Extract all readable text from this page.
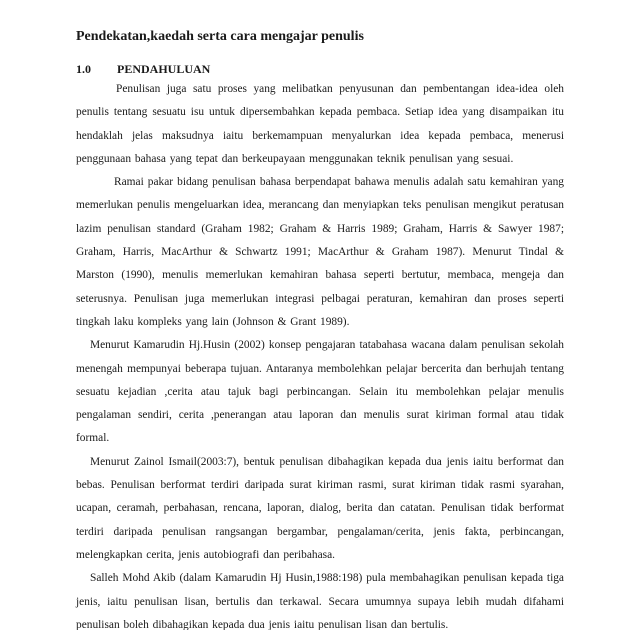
Pendekatan,kaedah serta cara mengajar penulis
1.0 PENDAHULUAN

Penulisan juga satu proses yang melibatkan penyusunan dan pembentangan idea-idea oleh penulis tentang sesuatu isu untuk dipersembahkan kepada pembaca. Setiap idea yang disampaikan itu hendaklah jelas maksudnya iaitu berkemampuan menyalurkan idea kepada pembaca, menerusi penggunaan bahasa yang tepat dan berkeupayaan menggunakan teknik penulisan yang sesuai.

Ramai pakar bidang penulisan bahasa berpendapat bahawa menulis adalah satu kemahiran yang memerlukan penulis mengeluarkan idea, merancang dan menyiapkan teks penulisan mengikut peratusan lazim penulisan standard (Graham 1982; Graham & Harris 1989; Graham, Harris & Sawyer 1987; Graham, Harris, MacArthur & Schwartz 1991; MacArthur & Graham 1987). Menurut Tindal & Marston (1990), menulis memerlukan kemahiran bahasa seperti bertutur, membaca, mengeja dan seterusnya. Penulisan juga memerlukan integrasi pelbagai peraturan, kemahiran dan proses seperti tingkah laku kompleks yang lain (Johnson & Grant 1989).

Menurut Kamarudin Hj.Husin (2002) konsep pengajaran tatabahasa wacana dalam penulisan sekolah menengah mempunyai beberapa tujuan. Antaranya membolehkan pelajar bercerita dan berhujah tentang sesuatu kejadian ,cerita atau tajuk bagi perbincangan. Selain itu membolehkan pelajar menulis pengalaman sendiri, cerita ,penerangan atau laporan dan menulis surat kiriman formal atau tidak formal.

Menurut Zainol Ismail(2003:7), bentuk penulisan dibahagikan kepada dua jenis iaitu berformat dan bebas. Penulisan berformat terdiri daripada surat kiriman rasmi, surat kiriman tidak rasmi syarahan, ucapan, ceramah, perbahasan, rencana, laporan, dialog, berita dan catatan. Penulisan tidak berformat terdiri daripada penulisan rangsangan bergambar, pengalaman/cerita, jenis fakta, perbincangan, melengkapkan cerita, jenis autobiografi dan peribahasa.

Salleh Mohd Akib (dalam Kamarudin Hj Husin,1988:198) pula membahagikan penulisan kepada tiga jenis, iaitu penulisan lisan, bertulis dan terkawal. Secara umumnya supaya lebih mudah difahami penulisan boleh dibahagikan kepada dua jenis iaitu penulisan lisan dan bertulis.
